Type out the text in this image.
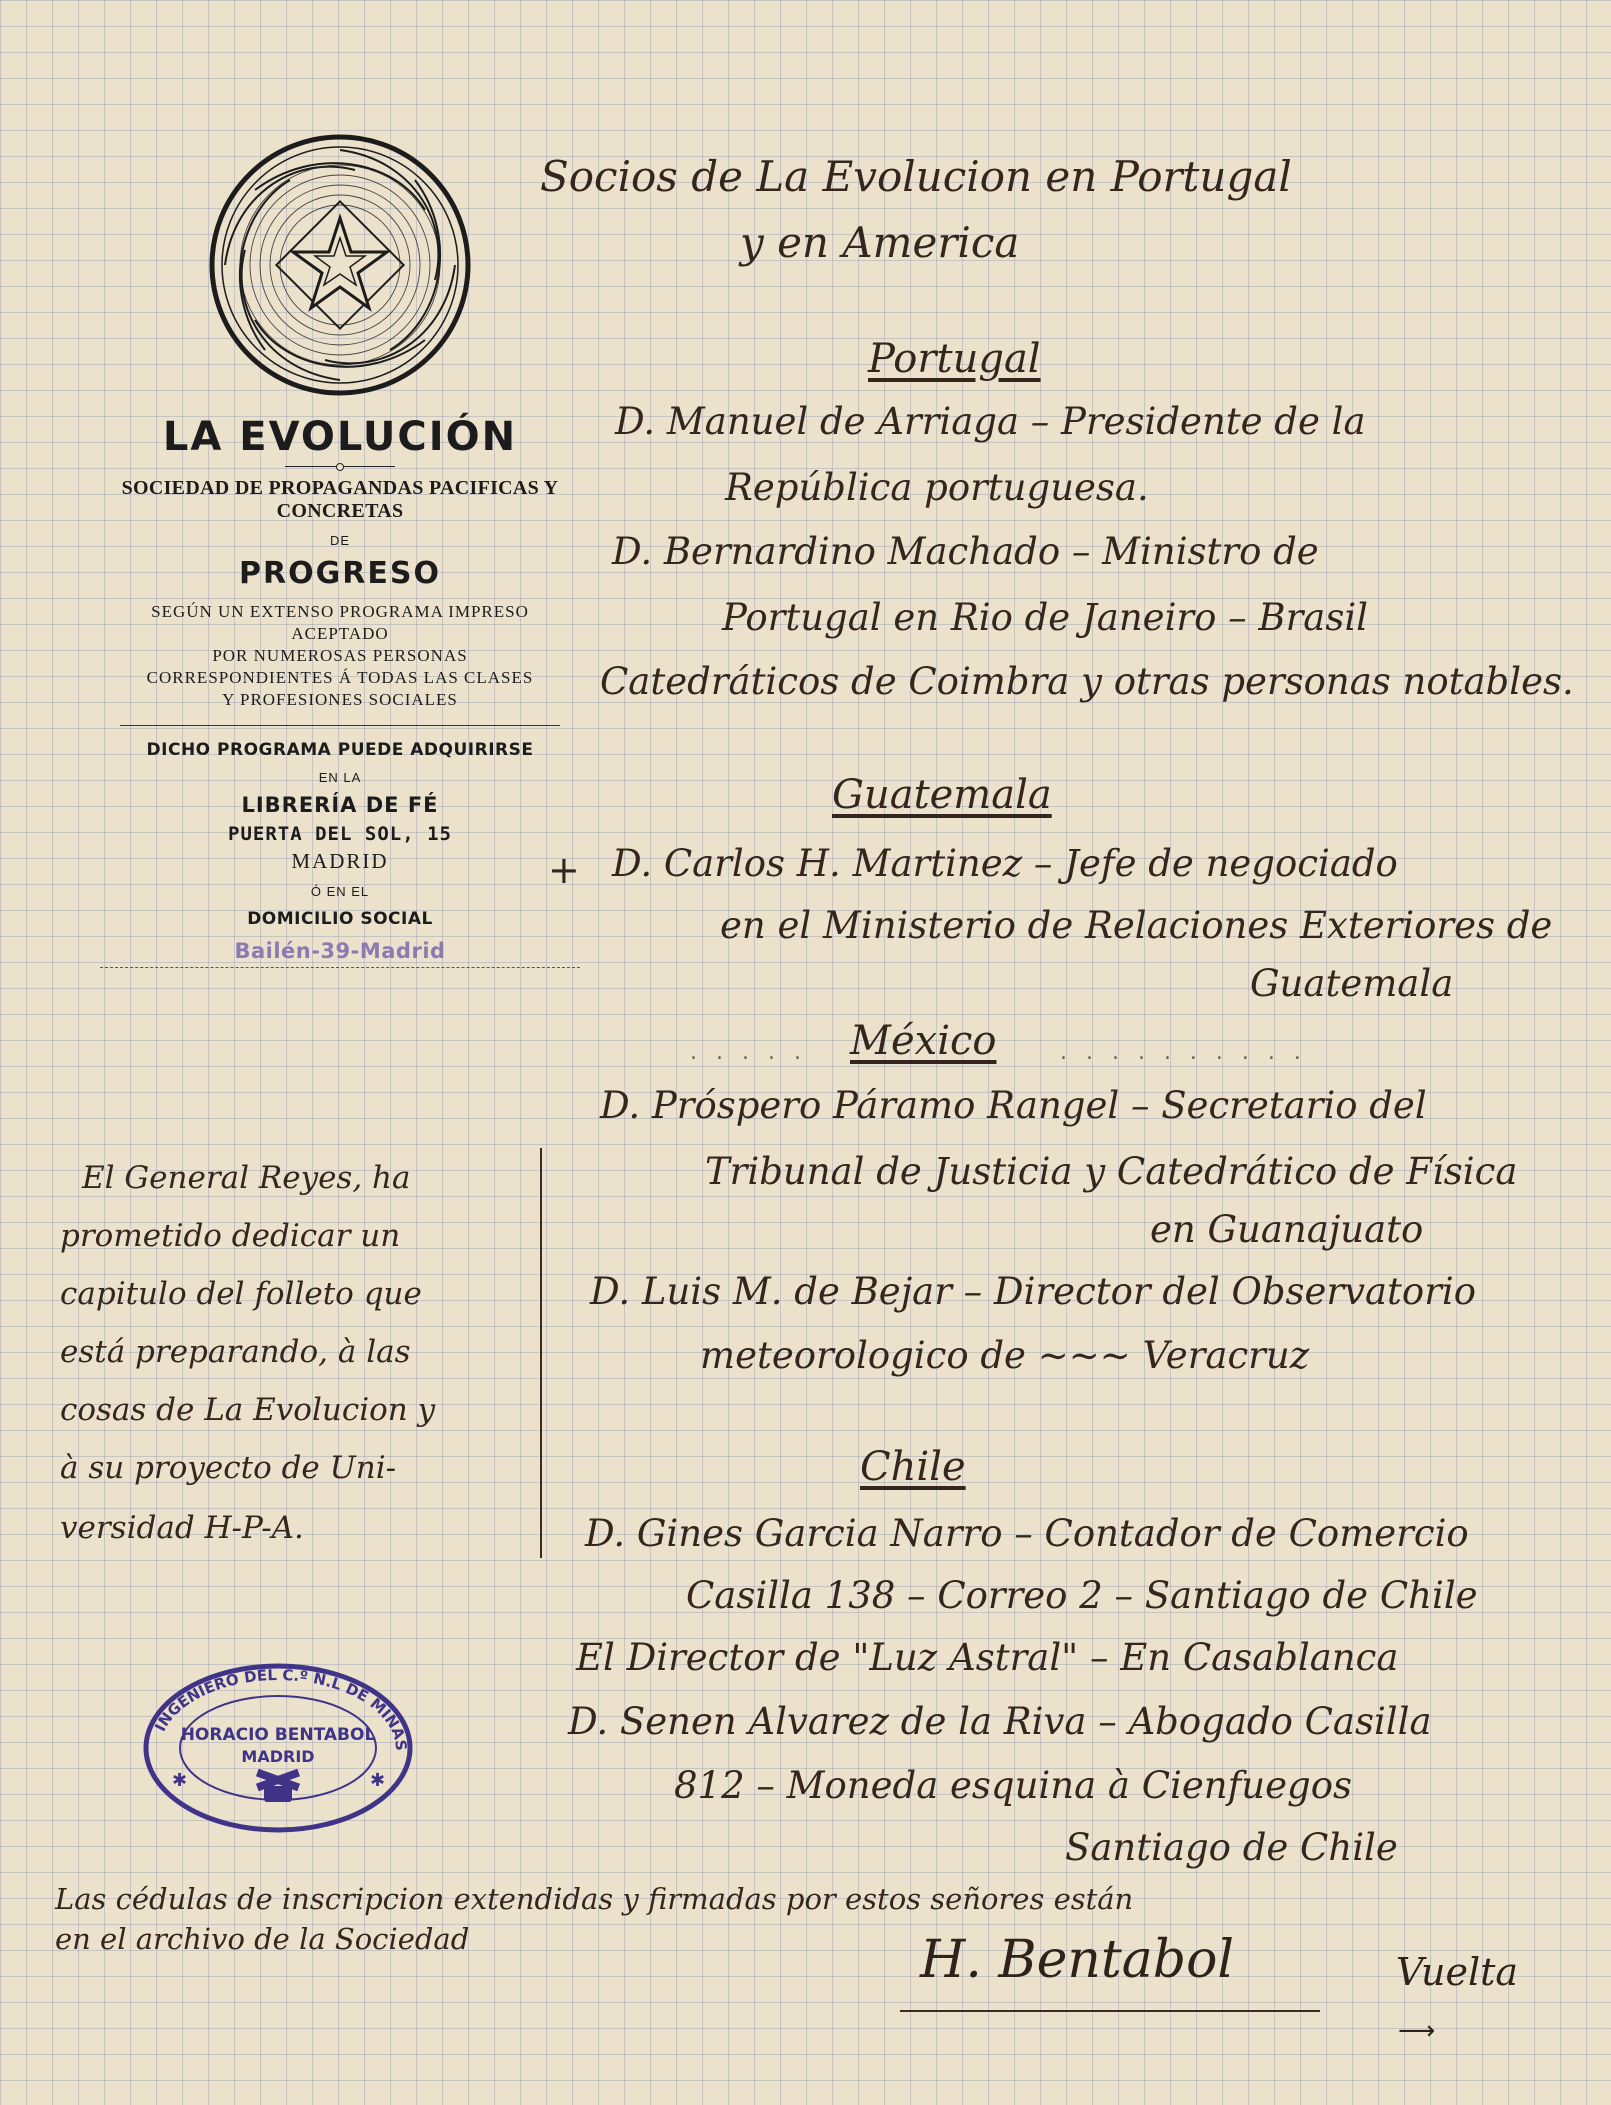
LA EVOLUCIÓN
SOCIEDAD DE PROPAGANDAS PACIFICAS Y CONCRETAS
DE
PROGRESO
SEGÚN UN EXTENSO PROGRAMA IMPRESO
ACEPTADO
POR NUMEROSAS PERSONAS
CORRESPONDIENTES Á TODAS LAS CLASES
Y PROFESIONES SOCIALES
DICHO PROGRAMA PUEDE ADQUIRIRSE
EN LA
LIBRERÍA DE FÉ
PUERTA DEL SOL, 15
MADRID
Ó EN EL
DOMICILIO SOCIAL
Bailén-39-Madrid
Socios de La Evolucion en Portugal
y en America
Portugal
D. Manuel de Arriaga – Presidente de la
República portuguesa.
D. Bernardino Machado – Ministro de
Portugal en Rio de Janeiro – Brasil
Catedráticos de Coimbra y otras personas notables.
+
Guatemala
D. Carlos H. Martinez – Jefe de negociado
en el Ministerio de Relaciones Exteriores de
Guatemala
. . . . . México	. . . . . . . . . .
D. Próspero Páramo Rangel – Secretario del
Tribunal de Justicia y Catedrático de Física
en Guanajuato
D. Luis M. de Bejar – Director del Observatorio
meteorologico de ∼∼∼ Veracruz
Chile
D. Gines Garcia Narro – Contador de Comercio
Casilla 138 – Correo 2 – Santiago de Chile
El Director de "Luz Astral" – En Casablanca
D. Senen Alvarez de la Riva – Abogado Casilla
812 – Moneda esquina à Cienfuegos
Santiago de Chile
El General Reyes, ha
prometido dedicar un
capitulo del folleto que
está preparando, à las
cosas de La Evolucion y
à su proyecto de Uni-
versidad H-P-A.
INGENIERO DEL C.º N.L DE MINAS
HORACIO BENTABOL
MADRID
✱	✱
Las cédulas de inscripcion extendidas y firmadas por estos señores están
en el archivo de la Sociedad	H. Bentabol	Vuelta
⟶
